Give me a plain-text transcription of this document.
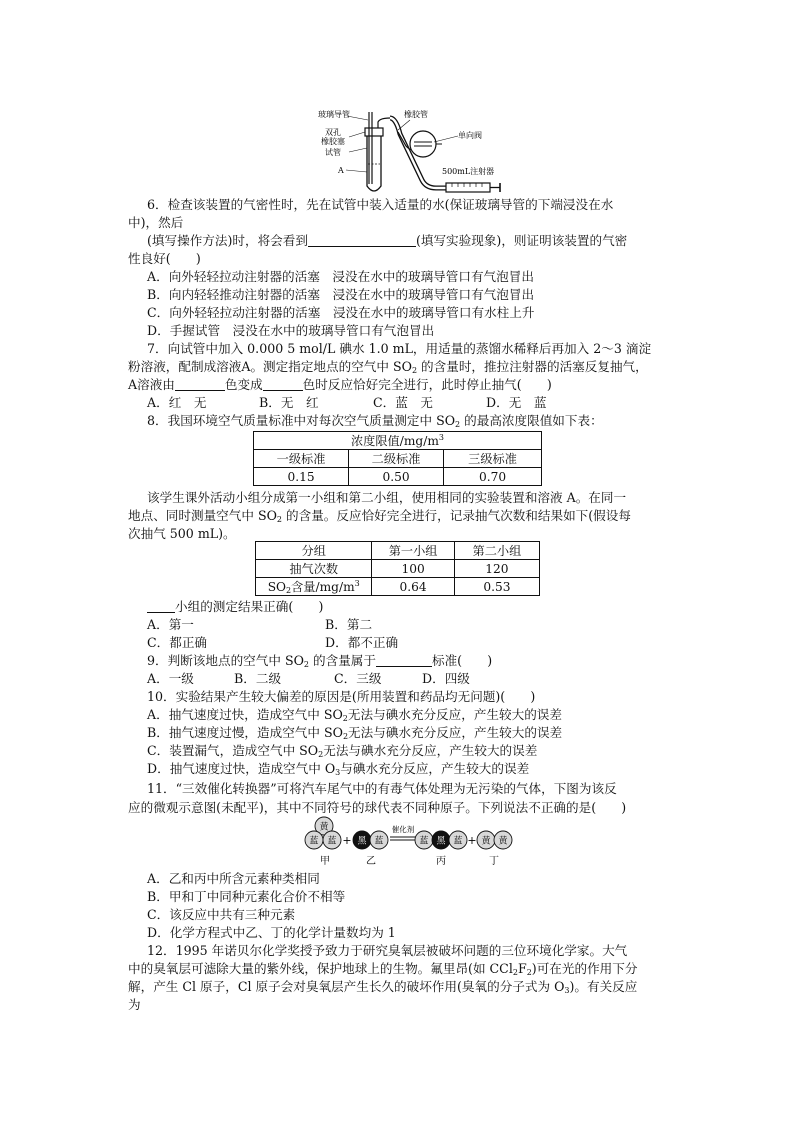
玻璃导管
双孔
橡胶塞
试管
A
橡胶管
单向阀
500mL注射器
6．检查该装置的气密性时，先在试管中装入适量的水(保证玻璃导管的下端浸没在水
中)，然后
(填写操作方法)时，将会看到	(填写实验现象)，则证明该装置的气密
性良好(　　)
A．向外轻轻拉动注射器的活塞　浸没在水中的玻璃导管口有气泡冒出
B．向内轻轻推动注射器的活塞　浸没在水中的玻璃导管口有气泡冒出
C．向外轻轻拉动注射器的活塞　浸没在水中的玻璃导管口有水柱上升
D．手握试管　浸没在水中的玻璃导管口有气泡冒出
7．向试管中加入 0.000 5 mol/L 碘水 1.0 mL，用适量的蒸馏水稀释后再加入 2～3 滴淀
粉溶液，配制成溶液A。测定指定地点的空气中 $SO_2$ 的含量时，推拉注射器的活塞反复抽气，
A溶液由	色变成	色时反应恰好完全进行，此时停止抽气(　　)
A．红　无	B．无　红	C．蓝　无	D．无　蓝
8．我国环境空气质量标准中对每次空气质量测定中 $SO_2$ 的最高浓度限值如下表：
浓度限值$/mg/m^3$
一级标准	二级标准	三级标准
0.15	0.50	0.70
该学生课外活动小组分成第一小组和第二小组，使用相同的实验装置和溶液 A。在同一
地点、同时测量空气中 $SO_2$ 的含量。反应恰好完全进行，记录抽气次数和结果如下(假设每
次抽气 500 mL)。
分组	第一小组	第二小组
抽气次数	100	120
$SO_2$含量$/mg/m^3$	0.64	0.53
小组的测定结果正确(　　)
A．第一	B．第二
C．都正确	D．都不正确
9．判断该地点的空气中 $SO_2$ 的含量属于	标准(　　)
A．一级	B．二级	C．三级	D．四级
10．实验结果产生较大偏差的原因是(所用装置和药品均无问题)(　　)
A．抽气速度过快，造成空气中 $SO_2$无法与碘水充分反应，产生较大的误差
B．抽气速度过慢，造成空气中 $SO_2$无法与碘水充分反应，产生较大的误差
C．装置漏气，造成空气中 $SO_2$无法与碘水充分反应，产生较大的误差
D．抽气速度过快，造成空气中 $O_3$与碘水充分反应，产生较大的误差
11．“三效催化转换器”可将汽车尾气中的有毒气体处理为无污染的气体，下图为该反
应的微观示意图(未配平)，其中不同符号的球代表不同种原子。下列说法不正确的是(　　)
黄
蓝 蓝 + 黑 蓝
催化剂
蓝 黑 蓝 + 黄 黄
甲	乙	丙	丁
A．乙和丙中所含元素种类相同
B．甲和丁中同种元素化合价不相等
C．该反应中共有三种元素
D．化学方程式中乙、丁的化学计量数均为 1
12．1995 年诺贝尔化学奖授予致力于研究臭氧层被破坏问题的三位环境化学家。大气
中的臭氧层可滤除大量的紫外线，保护地球上的生物。氟里昂(如 $CCl_2F_2$)可在光的作用下分
解，产生 Cl 原子，Cl 原子会对臭氧层产生长久的破坏作用(臭氧的分子式为 $O_3$)。有关反应
为
